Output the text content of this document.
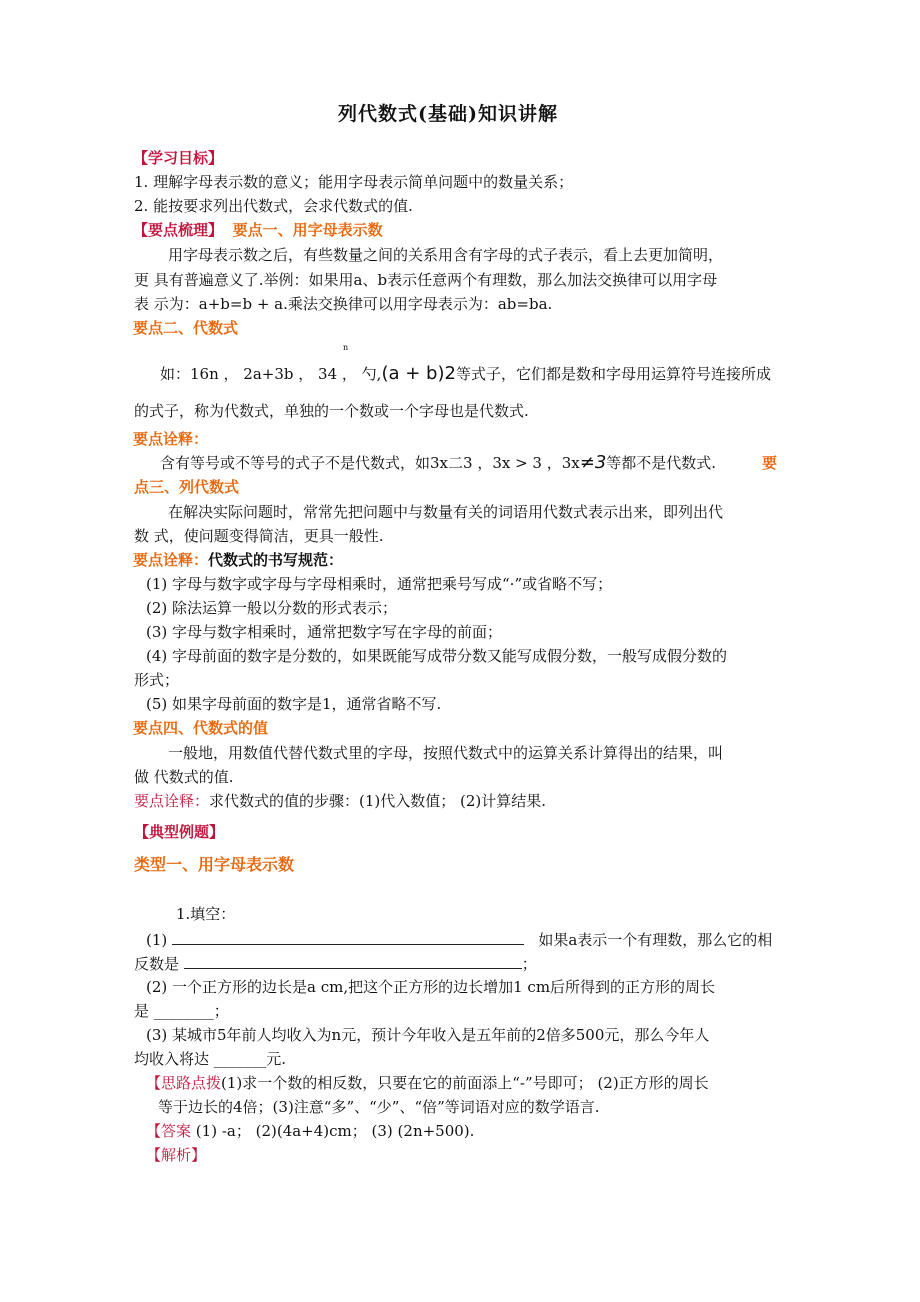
列代数式(基础)知识讲解
【学习目标】
1. 理解字母表示数的意义；能用字母表示简单问题中的数量关系；
2. 能按要求列出代数式，会求代数式的值.
【要点梳理】 要点一、用字母表示数
用字母表示数之后，有些数量之间的关系用含有字母的式子表示，看上去更加简明，
更 具有普遍意义了.举例：如果用a、b表示任意两个有理数，那么加法交换律可以用字母
表 示为：a+b=b + a.乘法交换律可以用字母表示为：ab=ba.
要点二、代数式
n
如：16n ， 2a+3b ， 34 ， 勺,(a + b)2等式子，它们都是数和字母用运算符号连接所成
的式子，称为代数式，单独的一个数或一个字母也是代数式.
要点诠释：
含有等号或不等号的式子不是代数式，如3x二3 ，3x > 3 ，3x≠3等都不是代数式.	要
点三、列代数式
在解决实际问题时，常常先把问题中与数量有关的词语用代数式表示出来，即列出代
数 式，使问题变得简洁，更具一般性.
要点诠释：代数式的书写规范：
(1) 字母与数字或字母与字母相乘时，通常把乘号写成“·”或省略不写；
(2) 除法运算一般以分数的形式表示；
(3) 字母与数字相乘时，通常把数字写在字母的前面；
(4) 字母前面的数字是分数的，如果既能写成带分数又能写成假分数，一般写成假分数的
形式；
(5) 如果字母前面的数字是1，通常省略不写.
要点四、代数式的值
一般地，用数值代替代数式里的字母，按照代数式中的运算关系计算得出的结果，叫
做 代数式的值.
要点诠释：求代数式的值的步骤：(1)代入数值； (2)计算结果.
【典型例题】
类型一、用字母表示数
1.填空：
(1)	如果a表示一个有理数，那么它的相
反数是	；
(2) 一个正方形的边长是a cm,把这个正方形的边长增加1 cm后所得到的正方形的周长
是 ________；
(3) 某城市5年前人均收入为n元，预计今年收入是五年前的2倍多500元，那么今年人
均收入将达 _______元.
【思路点拨(1)求一个数的相反数，只要在它的前面添上“-”号即可； (2)正方形的周长
等于边长的4倍；(3)注意“多”、“少”、“倍”等词语对应的数学语言.
【答案 (1) -a； (2)(4a+4)cm； (3) (2n+500).
【解析】
